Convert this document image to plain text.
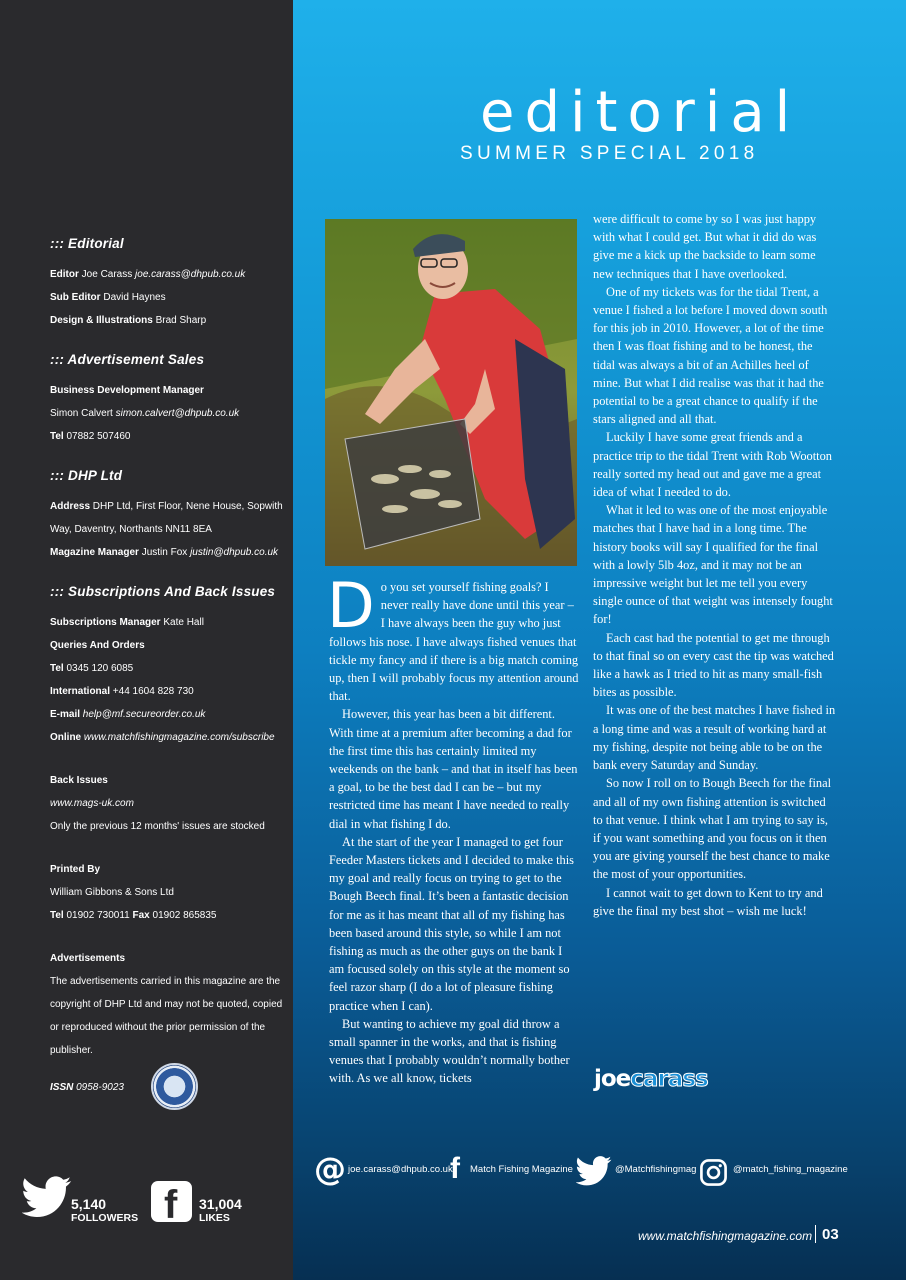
::: Editorial
Editor Joe Carass joe.carass@dhpub.co.uk
Sub Editor David Haynes
Design & Illustrations Brad Sharp
::: Advertisement Sales
Business Development Manager
Simon Calvert simon.calvert@dhpub.co.uk
Tel 07882 507460
::: DHP Ltd
Address DHP Ltd, First Floor, Nene House, Sopwith
Way, Daventry, Northants NN11 8EA
Magazine Manager Justin Fox justin@dhpub.co.uk
::: Subscriptions And Back Issues
Subscriptions Manager Kate Hall
Queries And Orders
Tel 0345 120 6085
International +44 1604 828 730
E-mail help@mf.secureorder.co.uk
Online www.matchfishingmagazine.com/subscribe
Back Issues
www.mags-uk.com
Only the previous 12 months' issues are stocked
Printed By
William Gibbons & Sons Ltd
Tel 01902 730011 Fax 01902 865835
Advertisements
The advertisements carried in this magazine are the copyright of DHP Ltd and may not be quoted, copied or reproduced without the prior permission of the publisher.
ISSN 0958-9023
5,140
FOLLOWERS f 31,004
LIKES
editorial
SUMMER SPECIAL 2018

Do you set yourself fishing goals? I never really have done until this year – I have always been the guy who just follows his nose. I have always fished venues that tickle my fancy and if there is a big match coming up, then I will probably focus my attention around that.

However, this year has been a bit different. With time at a premium after becoming a dad for the first time this has certainly limited my weekends on the bank – and that in itself has been a goal, to be the best dad I can be – but my restricted time has meant I have needed to really dial in what fishing I do.

At the start of the year I managed to get four Feeder Masters tickets and I decided to make this my goal and really focus on trying to get to the Bough Beech final. It’s been a fantastic decision for me as it has meant that all of my fishing has been based around this style, so while I am not fishing as much as the other guys on the bank I am focused solely on this style at the moment so feel razor sharp (I do a lot of pleasure fishing practice when I can).

But wanting to achieve my goal did throw a small spanner in the works, and that is fishing venues that I probably wouldn’t normally bother with. As we all know, tickets

were difficult to come by so I was just happy with what I could get. But what it did do was give me a kick up the backside to learn some new techniques that I have overlooked.

One of my tickets was for the tidal Trent, a venue I fished a lot before I moved down south for this job in 2010. However, a lot of the time then I was float fishing and to be honest, the tidal was always a bit of an Achilles heel of mine. But what I did realise was that it had the potential to be a great chance to qualify if the stars aligned and all that.

Luckily I have some great friends and a practice trip to the tidal Trent with Rob Wootton really sorted my head out and gave me a great idea of what I needed to do.

What it led to was one of the most enjoyable matches that I have had in a long time. The history books will say I qualified for the final with a lowly 5lb 4oz, and it may not be an impressive weight but let me tell you every single ounce of that weight was intensely fought for!

Each cast had the potential to get me through to that final so on every cast the tip was watched like a hawk as I tried to hit as many small-fish bites as possible.

It was one of the best matches I have fished in a long time and was a result of working hard at my fishing, despite not being able to be on the bank every Saturday and Sunday.

So now I roll on to Bough Beech for the final and all of my own fishing attention is switched to that venue. I think what I am trying to say is, if you want something and you focus on it then you are giving yourself the best chance to make the most of your opportunities.

I cannot wait to get down to Kent to try and give the final my best shot – wish me luck!

joecarass
@ joe.carass@dhpub.co.uk
f Match Fishing Magazine	@Matchfishingmag	@match_fishing_magazine
www.matchfishingmagazine.com 03
